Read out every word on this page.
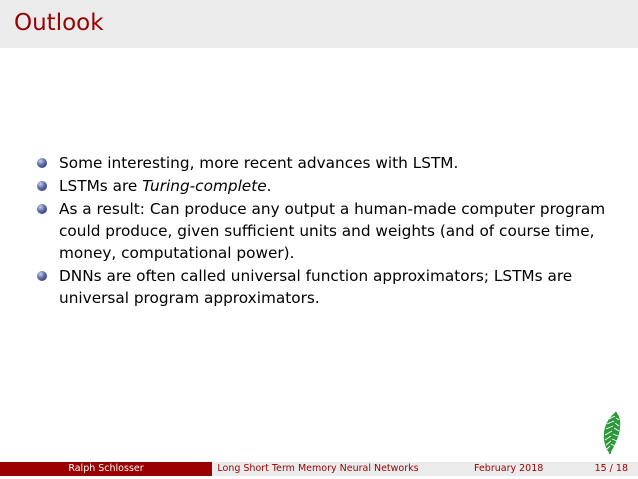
Outlook
Some interesting, more recent advances with LSTM.
LSTMs are Turing-complete.
As a result: Can produce any output a human-made computer program could produce, given sufficient units and weights (and of course time, money, computational power).
DNNs are often called universal function approximators; LSTMs are universal program approximators.
Ralph Schlosser	Long Short Term Memory Neural Networks	February 2018	15 / 18
